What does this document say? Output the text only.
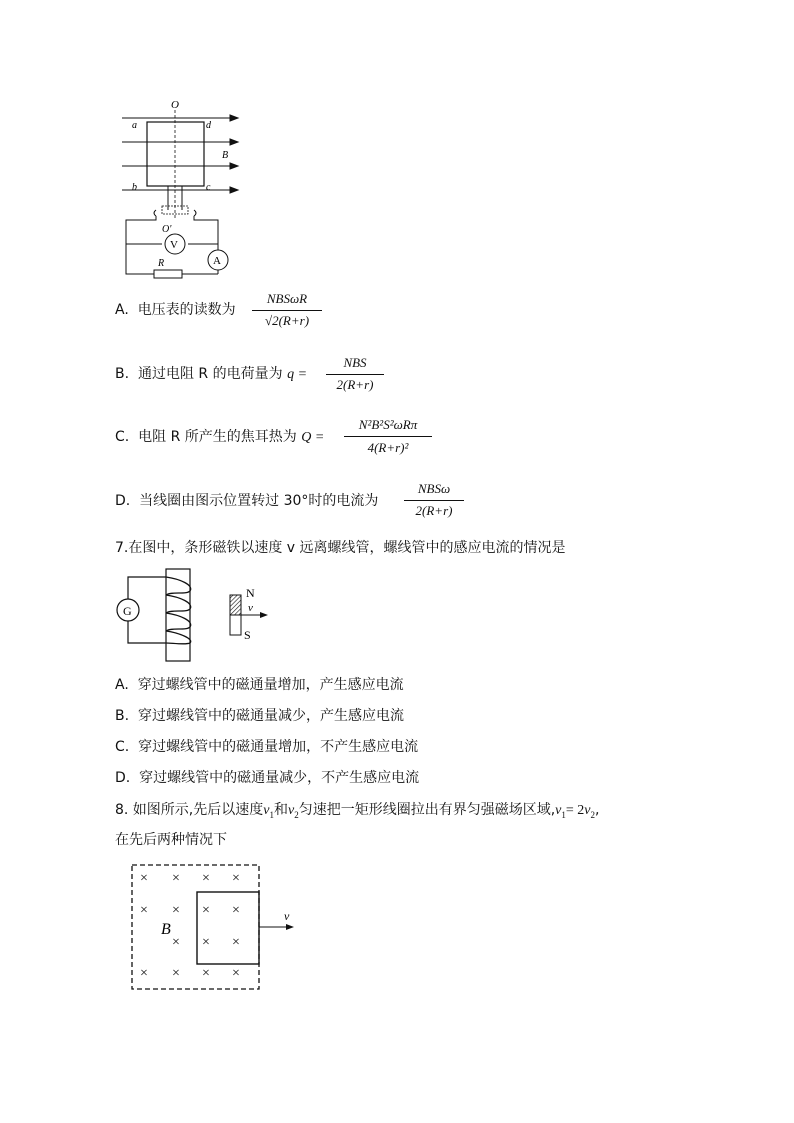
O
a	d
B
b	c
O'
V
R	A
A. 电压表的读数为
NBSωR
√2(R+r)
B. 通过电阻 R 的电荷量为 q =
NBS
2(R+r)
C. 电阻 R 所产生的焦耳热为 Q =
N²B²S²ωRπ
4(R+r)²
D. 当线圈由图示位置转过 30°时的电流为
NBSω
2(R+r)
7.在图中，条形磁铁以速度 v 远离螺线管，螺线管中的感应电流的情况是
G
N
v
S
A. 穿过螺线管中的磁通量增加，产生感应电流
B. 穿过螺线管中的磁通量减少，产生感应电流
C. 穿过螺线管中的磁通量增加，不产生感应电流
D. 穿过螺线管中的磁通量减少，不产生感应电流
8. 如图所示,先后以速度$v_1$和$v_2$匀速把一矩形线圈拉出有界匀强磁场区域$,v_1= 2v_2$,
在先后两种情况下
× × × ×
× × × ×
× × ×
× × × ×
B
v
